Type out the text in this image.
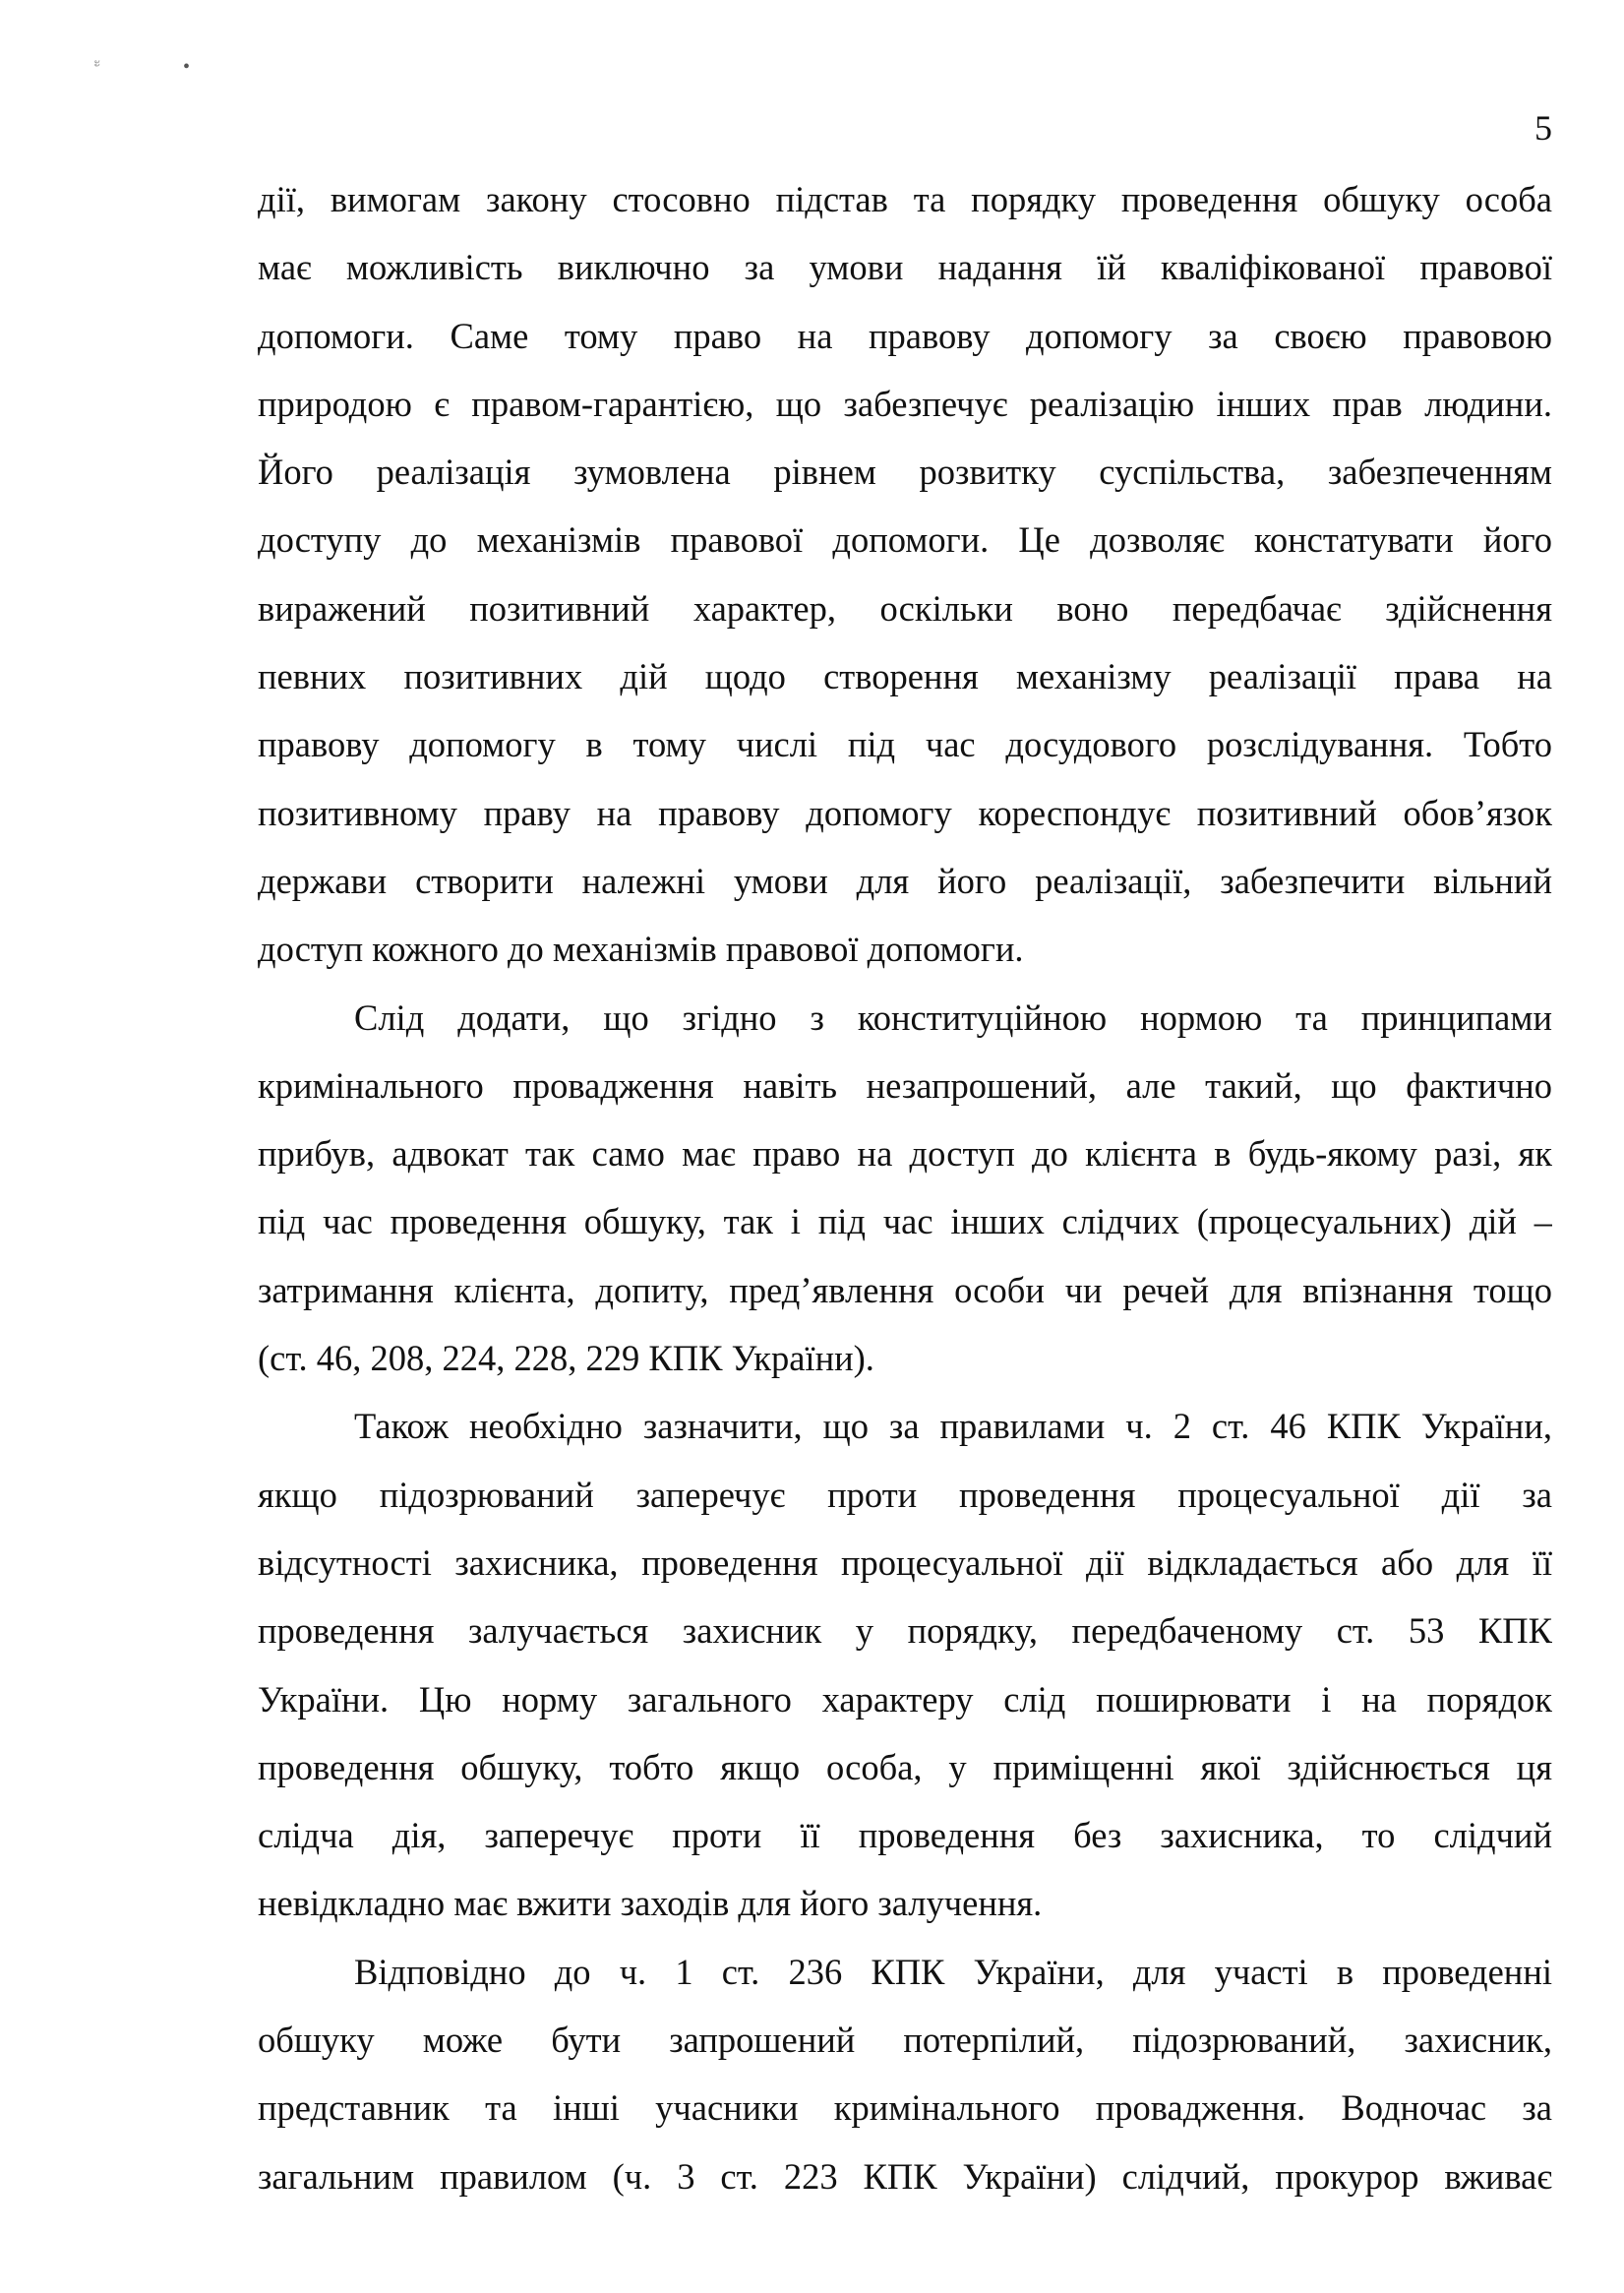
ะ	•
5
дії, вимогам закону стосовно підстав та порядку проведення обшуку особа
має можливість виключно за умови надання їй кваліфікованої правової
допомоги. Саме тому право на правову допомогу за своєю правовою
природою є правом-гарантією, що забезпечує реалізацію інших прав людини.
Його реалізація зумовлена рівнем розвитку суспільства, забезпеченням
доступу до механізмів правової допомоги. Це дозволяє констатувати його
виражений позитивний характер, оскільки воно передбачає здійснення
певних позитивних дій щодо створення механізму реалізації права на
правову допомогу в тому числі під час досудового розслідування. Тобто
позитивному праву на правову допомогу кореспондує позитивний обов’язок
держави створити належні умови для його реалізації, забезпечити вільний
доступ кожного до механізмів правової допомоги.
Слід додати, що згідно з конституційною нормою та принципами
кримінального провадження навіть незапрошений, але такий, що фактично
прибув, адвокат так само має право на доступ до клієнта в будь-якому разі, як
під час проведення обшуку, так і під час інших слідчих (процесуальних) дій –
затримання клієнта, допиту, пред’явлення особи чи речей для впізнання тощо
(ст. 46, 208, 224, 228, 229 КПК України).
Також необхідно зазначити, що за правилами ч. 2 ст. 46 КПК України,
якщо підозрюваний заперечує проти проведення процесуальної дії за
відсутності захисника, проведення процесуальної дії відкладається або для її
проведення залучається захисник у порядку, передбаченому ст. 53 КПК
України. Цю норму загального характеру слід поширювати і на порядок
проведення обшуку, тобто якщо особа, у приміщенні якої здійснюється ця
слідча дія, заперечує проти її проведення без захисника, то слідчий
невідкладно має вжити заходів для його залучення.
Відповідно до ч. 1 ст. 236 КПК України, для участі в проведенні
обшуку може бути запрошений потерпілий, підозрюваний, захисник,
представник та інші учасники кримінального провадження. Водночас за
загальним правилом (ч. 3 ст. 223 КПК України) слідчий, прокурор вживає
